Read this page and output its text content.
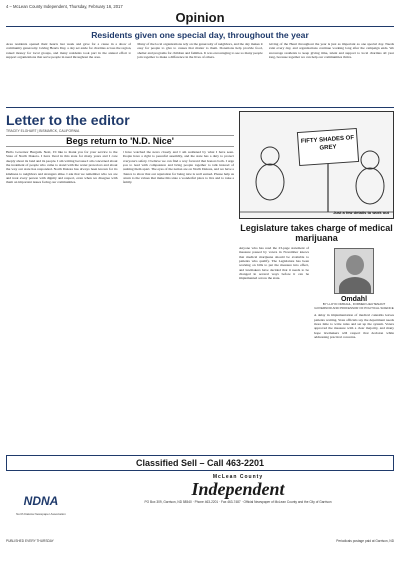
4 – McLean County Independent, Thursday, February 16, 2017
Opinion
Residents given one special day, throughout the year
Area residents opened their hearts last week and gave for a cause in a show of community generosity. Giving Hearts Day, a day set aside for charities across the region, raised money for local groups, and many residents took part in the annual effort to support organizations that serve people in need throughout the area.
Many of the local organizations rely on the generosity of neighbors, and the day makes it easy for people to give to causes that matter to them. Donations help provide food, shelter and programs for children and families. It was encouraging to see so many people join together to make a difference in the lives of others.
Giving of the Heart throughout the year is just as important as one special day. Needs exist every day, and organizations continue working long after the campaign ends. We encourage residents to keep giving time, talent and support to local charities all year long, because together we can help our communities thrive.
Letter to the editor
TRACEY ELGHART | BISMARCK, CALIFORNIA
Begs return to 'N.D. Nice'
Hello Governor Burgum. Next, I'd like to thank you for your service to the State of North Dakota. I have lived in this state for many years and I care deeply about its land and its people. I am writing because I am concerned about the treatment of people who came to stand with the water protectors and about the way our state has responded. North Dakota has always been known for its kindness to neighbors and strangers alike. I ask that we remember who we are and treat every person with dignity and respect, even when we disagree with them on important issues facing our communities.
I have watched the news closely and I am saddened by what I have seen. People have a right to peaceful assembly, and the state has a duty to protect everyone's safety. I believe we can find a way forward that honors both. I urge you to lead with compassion and bring people together to talk instead of pushing them apart. The eyes of the nation are on North Dakota, and we have a chance to show that our reputation for being nice is well earned. Please help us return to the values that make this state a wonderful place to live and to raise a family.
FIFTY SHADES OF GREY
Just a few details to work out
Legislature takes charge of medical marijuana
Anyone who has read the 23-page statement of measure passed by voters in November knows that medical marijuana should be available to patients who qualify. The Legislature has been working on bills to put the measure into effect, and lawmakers have decided that it needs to be changed in several ways before it can be implemented across the state.
Omdahl
BY LLOYD OMDAHL, FORMER LIEUTENANT GOVERNOR AND PROFESSOR OF POLITICAL SCIENCE
A delay in implementation of medical cannabis leaves patients waiting. State officials say the department needs more time to write rules and set up the system. Voters approved the measure with a clear majority, and many hope lawmakers will respect that decision while addressing practical concerns.
Classified Sell – Call 463-2201
NDNA
North Dakota Newspaper Association
McLean County
Independent
PO Box 309, Garrison, ND 58540 · Phone 463-2201 · Fax 463-7487 · Official Newspaper of McLean County and the City of Garrison
PUBLISHED EVERY THURSDAY	Periodicals postage paid at Garrison, ND
